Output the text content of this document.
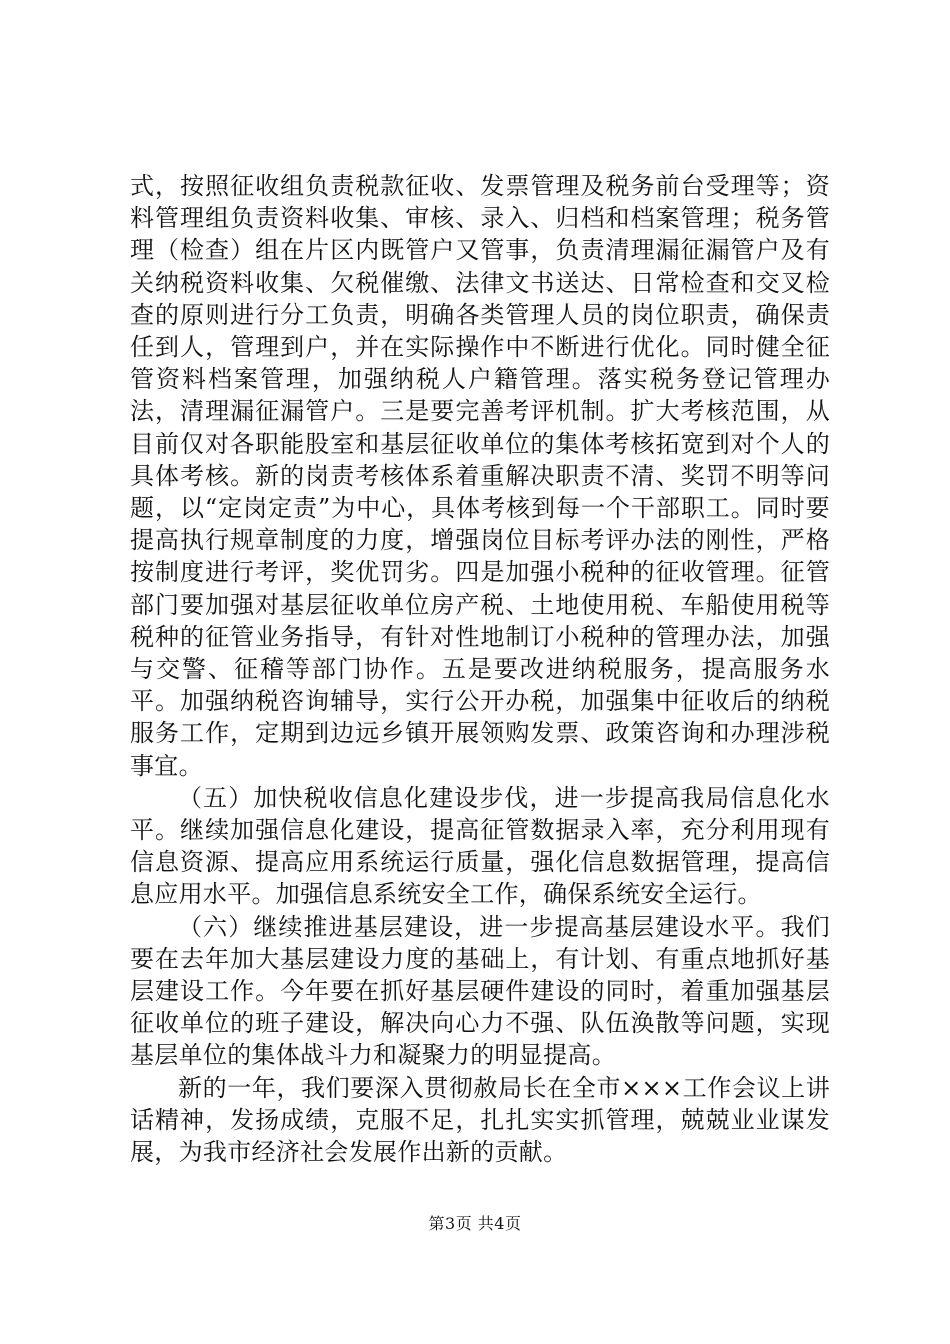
式，按照征收组负责税款征收、发票管理及税务前台受理等；资料管理组负责资料收集、审核、录入、归档和档案管理；税务管理（检查）组在片区内既管户又管事，负责清理漏征漏管户及有关纳税资料收集、欠税催缴、法律文书送达、日常检查和交叉检查的原则进行分工负责，明确各类管理人员的岗位职责，确保责任到人，管理到户，并在实际操作中不断进行优化。同时健全征管资料档案管理，加强纳税人户籍管理。落实税务登记管理办法，清理漏征漏管户。三是要完善考评机制。扩大考核范围，从目前仅对各职能股室和基层征收单位的集体考核拓宽到对个人的具体考核。新的岗责考核体系着重解决职责不清、奖罚不明等问题，以“定岗定责”为中心，具体考核到每一个干部职工。同时要提高执行规章制度的力度，增强岗位目标考评办法的刚性，严格按制度进行考评，奖优罚劣。四是加强小税种的征收管理。征管部门要加强对基层征收单位房产税、土地使用税、车船使用税等税种的征管业务指导，有针对性地制订小税种的管理办法，加强与交警、征稽等部门协作。五是要改进纳税服务，提高服务水平。加强纳税咨询辅导，实行公开办税，加强集中征收后的纳税服务工作，定期到边远乡镇开展领购发票、政策咨询和办理涉税事宜。

（五）加快税收信息化建设步伐，进一步提高我局信息化水平。继续加强信息化建设，提高征管数据录入率，充分利用现有信息资源、提高应用系统运行质量，强化信息数据管理，提高信息应用水平。加强信息系统安全工作，确保系统安全运行。

（六）继续推进基层建设，进一步提高基层建设水平。我们要在去年加大基层建设力度的基础上，有计划、有重点地抓好基层建设工作。今年要在抓好基层硬件建设的同时，着重加强基层征收单位的班子建设，解决向心力不强、队伍涣散等问题，实现基层单位的集体战斗力和凝聚力的明显提高。

新的一年，我们要深入贯彻赦局长在全市×××工作会议上讲话精神，发扬成绩，克服不足，扎扎实实抓管理，兢兢业业谋发展，为我市经济社会发展作出新的贡献。

第3页 共4页
